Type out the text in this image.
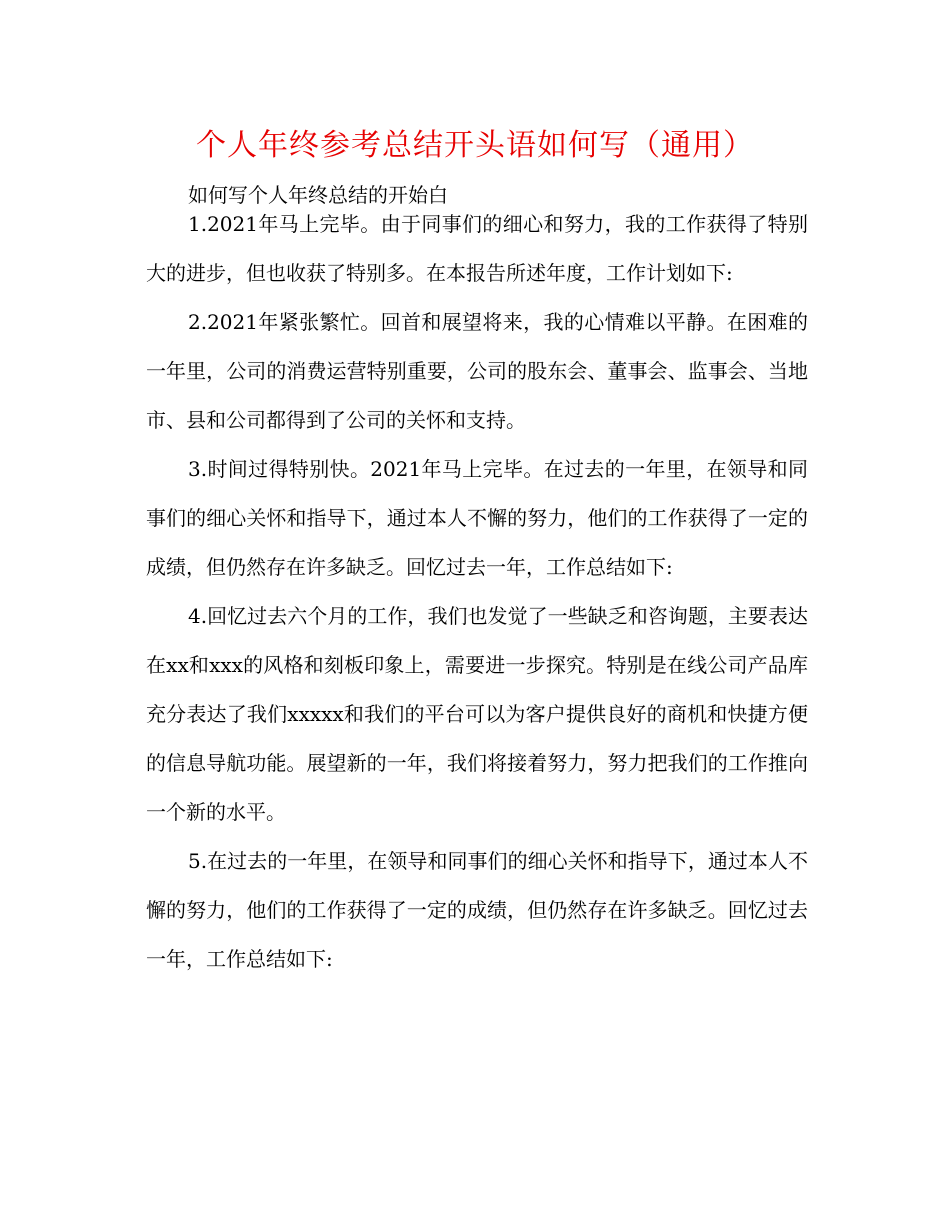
个人年终参考总结开头语如何写（通用）
如何写个人年终总结的开始白

1.2021年马上完毕。由于同事们的细心和努力，我的工作获得了特别大的进步，但也收获了特别多。在本报告所述年度，工作计划如下:

2.2021年紧张繁忙。回首和展望将来，我的心情难以平静。在困难的一年里，公司的消费运营特别重要，公司的股东会、董事会、监事会、当地市、县和公司都得到了公司的关怀和支持。

3.时间过得特别快。2021年马上完毕。在过去的一年里，在领导和同事们的细心关怀和指导下，通过本人不懈的努力，他们的工作获得了一定的成绩，但仍然存在许多缺乏。回忆过去一年，工作总结如下:

4.回忆过去六个月的工作，我们也发觉了一些缺乏和咨询题，主要表达在xx和xxx的风格和刻板印象上，需要进一步探究。特别是在线公司产品库充分表达了我们xxxxx和我们的平台可以为客户提供良好的商机和快捷方便的信息导航功能。展望新的一年，我们将接着努力，努力把我们的工作推向一个新的水平。

5.在过去的一年里，在领导和同事们的细心关怀和指导下，通过本人不懈的努力，他们的工作获得了一定的成绩，但仍然存在许多缺乏。回忆过去一年，工作总结如下:
